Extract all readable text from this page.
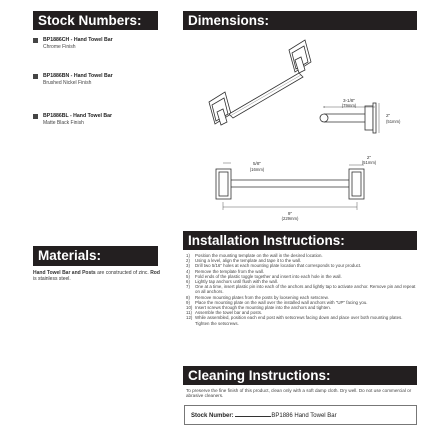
Stock Numbers:	Dimensions:
BP1886CH - Hand Towel Bar
Chrome Finish
BP1886BN - Hand Towel Bar
Brushed Nickel Finish
BP1886BL - Hand Towel Bar
Matte Black Finish
3-1/8"
(79mm)
2"
(51mm)
5/8"
(16mm)
2"
(51mm)
9"
(229mm)
Materials:
Hand Towel Bar and Posts are constructed of zinc. Rod is stainless steel.
Installation Instructions:
1)	Position the mounting template on the wall in the desired location.
2)	Using a level, align the template and tape it to the wall.
3)	Drill two 5/16" holes at each mounting plate location that corresponds to your product.
4)	Remove the template from the wall.
5)	Fold ends of the plastic toggle together and insert into each hole in the wall.
6)	Lightly tap anchors until flush with the wall.
7)	One at a time, insert plastic pin into each of the anchors and lightly tap to activate anchor. Remove pin and repeat on all anchors.
8)	Remove mounting plates from the posts by loosening each setscrew.
9)	Place the mounting plate on the wall over the installed wall anchors with "UP" facing you.
10) Insert screws through the mounting plate into the anchors and tighten.
11) Assemble the towel bar and posts.
12) While assembled, position each end post with setscrews facing down and place over both mounting plates. Tighten the setscrews.
Cleaning Instructions:
To preserve the fine finish of this product, clean only with a soft damp cloth. Dry well. Do not use commercial or abrasive cleaners.
Stock Number:	BP1886 Hand Towel Bar
